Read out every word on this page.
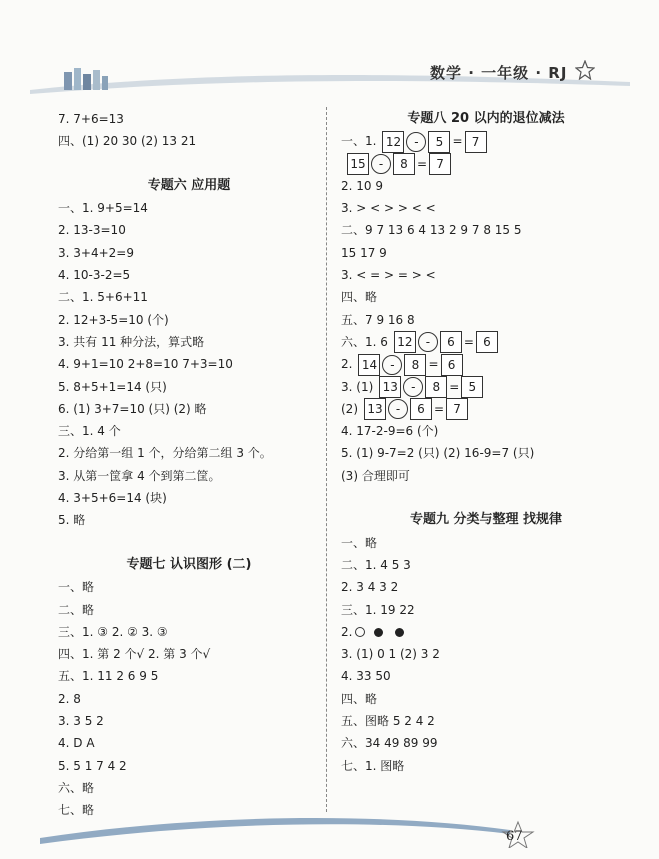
数学 · 一年级 · RJ
7. 7+6=13
四、(1) 20 30 (2) 13 21
专题六 应用题
一、1. 9+5=14
2. 13-3=10
3. 3+4+2=9
4. 10-3-2=5
二、1. 5+6+11
2. 12+3-5=10 (个)
3. 共有 11 种分法，算式略
4. 9+1=10 2+8=10 7+3=10
5. 8+5+1=14 (只)
6. (1) 3+7=10 (只) (2) 略
三、1. 4 个
2. 分给第一组 1 个，分给第二组 3 个。
3. 从第一筐拿 4 个到第二筐。
4. 3+5+6=14 (块)
5. 略
专题七 认识图形 (二)
一、略
二、略
三、1. ③ 2. ② 3. ③
四、1. 第 2 个√ 2. 第 3 个√
五、1. 11 2 6 9 5
2. 8
3. 3 5 2
4. D A
5. 5 1 7 4 2
六、略
七、略
专题八 20 以内的退位减法
一、1. 12 - 5 = 7
15 - 8 = 7
2. 10 9
3. > < > > < <
二、9 7 13 6 4 13 2 9 7 8 15 5
15 17 9
3. < = > = > <
四、略
五、7 9 16 8
六、1. 6 12 - 6 = 6
2. 14 - 8 = 6
3. (1) 13 - 8 = 5
(2) 13 - 6 = 7
4. 17-2-9=6 (个)
5. (1) 9-7=2 (只) (2) 16-9=7 (只)
(3) 合理即可
专题九 分类与整理 找规律
一、略
二、1. 4 5 3
2. 3 4 3 2
三、1. 19 22
2.
3. (1) 0 1 (2) 3 2
4. 33 50
四、略
五、图略 5 2 4 2
六、34 49 89 99
七、1. 图略
67
